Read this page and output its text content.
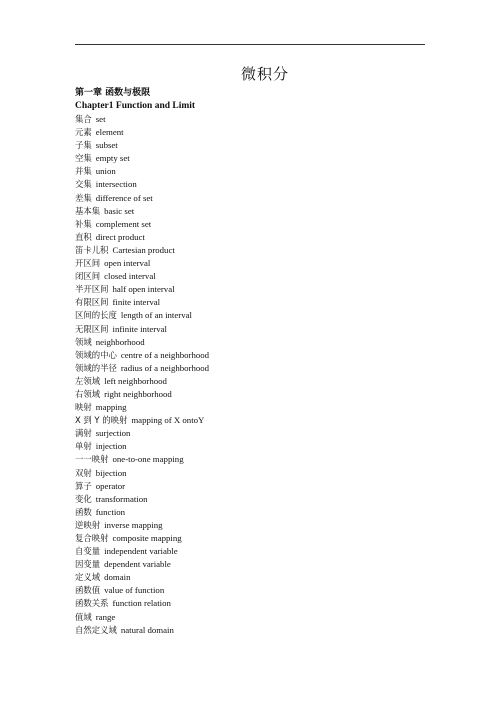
微积分
第一章 函数与极限
Chapter1 Function and Limit
集合 set
元素 element
子集 subset
空集 empty set
并集 union
交集 intersection
差集 difference of set
基本集 basic set
补集 complement set
直积 direct product
笛卡儿积 Cartesian product
开区间 open interval
闭区间 closed interval
半开区间 half open interval
有限区间 finite interval
区间的长度 length of an interval
无限区间 infinite interval
领域 neighborhood
领域的中心 centre of a neighborhood
领域的半径 radius of a neighborhood
左领域 left neighborhood
右领域 right neighborhood
映射 mapping
X 到 Y 的映射 mapping of X ontoY
满射 surjection
单射 injection
一一映射 one-to-one mapping
双射 bijection
算子 operator
变化 transformation
函数 function
逆映射 inverse mapping
复合映射 composite mapping
自变量 independent variable
因变量 dependent variable
定义域 domain
函数值 value of function
函数关系 function relation
值域 range
自然定义域 natural domain
